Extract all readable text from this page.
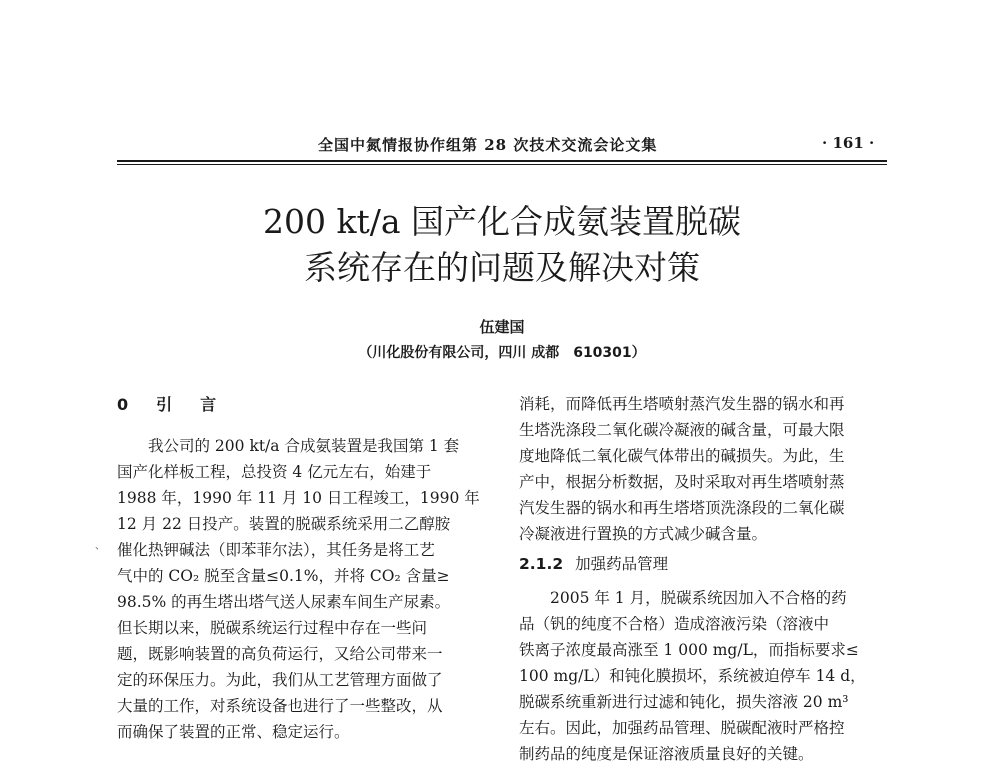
全国中氮情报协作组第 28 次技术交流会论文集	· 161 ·
200 kt/a 国产化合成氨装置脱碳
系统存在的问题及解决对策
伍建国
（川化股份有限公司，四川 成都　610301）
0　引　言
、
　　我公司的 200 kt/a 合成氨装置是我国第 1 套
国产化样板工程，总投资 4 亿元左右，始建于
1988 年，1990 年 11 月 10 日工程竣工，1990 年
12 月 22 日投产。装置的脱碳系统采用二乙醇胺
催化热钾碱法（即苯菲尔法），其任务是将工艺
气中的 CO₂ 脱至含量≤0.1%，并将 CO₂ 含量≥
98.5% 的再生塔出塔气送人尿素车间生产尿素。
但长期以来，脱碳系统运行过程中存在一些问
题，既影响装置的高负荷运行，又给公司带来一
定的环保压力。为此，我们从工艺管理方面做了
大量的工作，对系统设备也进行了一些整改，从
而确保了装置的正常、稳定运行。
消耗，而降低再生塔喷射蒸汽发生器的锅水和再
生塔洗涤段二氧化碳冷凝液的碱含量，可最大限
度地降低二氧化碳气体带出的碱损失。为此，生
产中，根据分析数据，及时采取对再生塔喷射蒸
汽发生器的锅水和再生塔塔顶洗涤段的二氧化碳
冷凝液进行置换的方式减少碱含量。
2.1.2 加强药品管理
　　2005 年 1 月，脱碳系统因加入不合格的药
品（钒的纯度不合格）造成溶液污染（溶液中
铁离子浓度最高涨至 1 000 mg/L，而指标要求≤
100 mg/L）和钝化膜损坏，系统被迫停车 14 d，
脱碳系统重新进行过滤和钝化，损失溶液 20 m³
左右。因此，加强药品管理、脱碳配液时严格控
制药品的纯度是保证溶液质量良好的关键。
